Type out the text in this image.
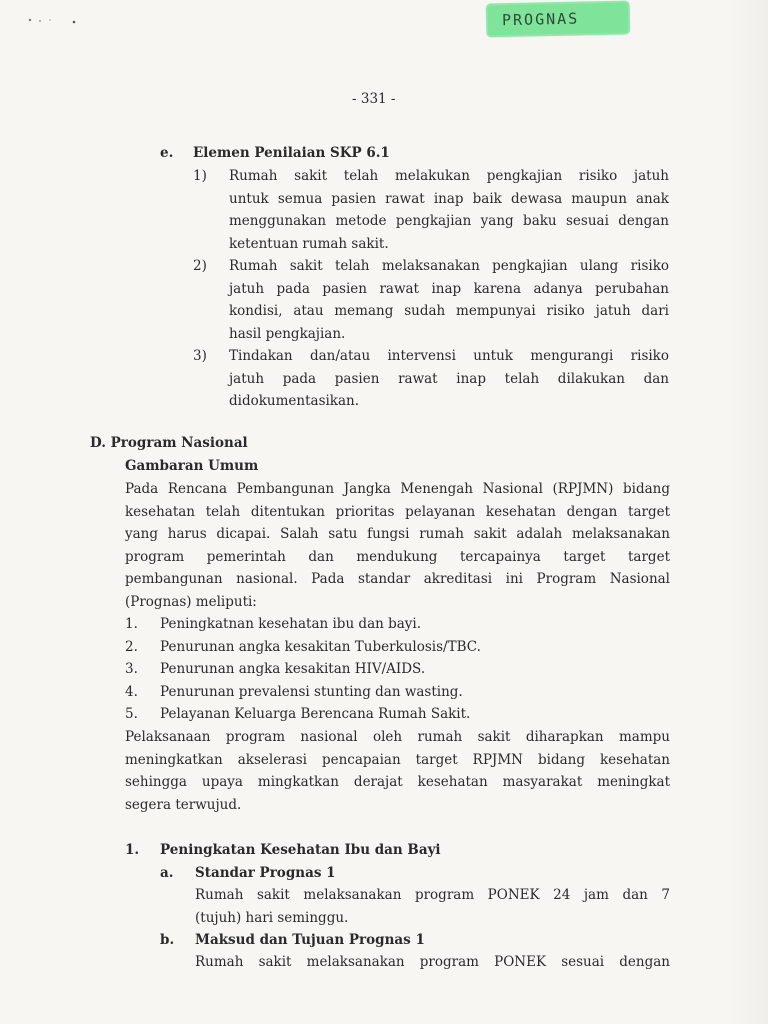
PROGNAS
- 331 -
e. Elemen Penilaian SKP 6.1
1) Rumah sakit telah melakukan pengkajian risiko jatuh
untuk semua pasien rawat inap baik dewasa maupun anak
menggunakan metode pengkajian yang baku sesuai dengan
ketentuan rumah sakit.
2) Rumah sakit telah melaksanakan pengkajian ulang risiko
jatuh pada pasien rawat inap karena adanya perubahan
kondisi, atau memang sudah mempunyai risiko jatuh dari
hasil pengkajian.
3) Tindakan dan/atau intervensi untuk mengurangi risiko
jatuh pada pasien rawat inap telah dilakukan dan
didokumentasikan.
D. Program Nasional
Gambaran Umum
Pada Rencana Pembangunan Jangka Menengah Nasional (RPJMN) bidang
kesehatan telah ditentukan prioritas pelayanan kesehatan dengan target
yang harus dicapai. Salah satu fungsi rumah sakit adalah melaksanakan
program pemerintah dan mendukung tercapainya target target
pembangunan nasional. Pada standar akreditasi ini Program Nasional
(Prognas) meliputi:
1. Peningkatnan kesehatan ibu dan bayi.
2. Penurunan angka kesakitan Tuberkulosis/TBC.
3. Penurunan angka kesakitan HIV/AIDS.
4. Penurunan prevalensi stunting dan wasting.
5. Pelayanan Keluarga Berencana Rumah Sakit.
Pelaksanaan program nasional oleh rumah sakit diharapkan mampu
meningkatkan akselerasi pencapaian target RPJMN bidang kesehatan
sehingga upaya mingkatkan derajat kesehatan masyarakat meningkat
segera terwujud.
1. Peningkatan Kesehatan Ibu dan Bayi
a. Standar Prognas 1
Rumah sakit melaksanakan program PONEK 24 jam dan 7
(tujuh) hari seminggu.
b. Maksud dan Tujuan Prognas 1
Rumah sakit melaksanakan program PONEK sesuai dengan
